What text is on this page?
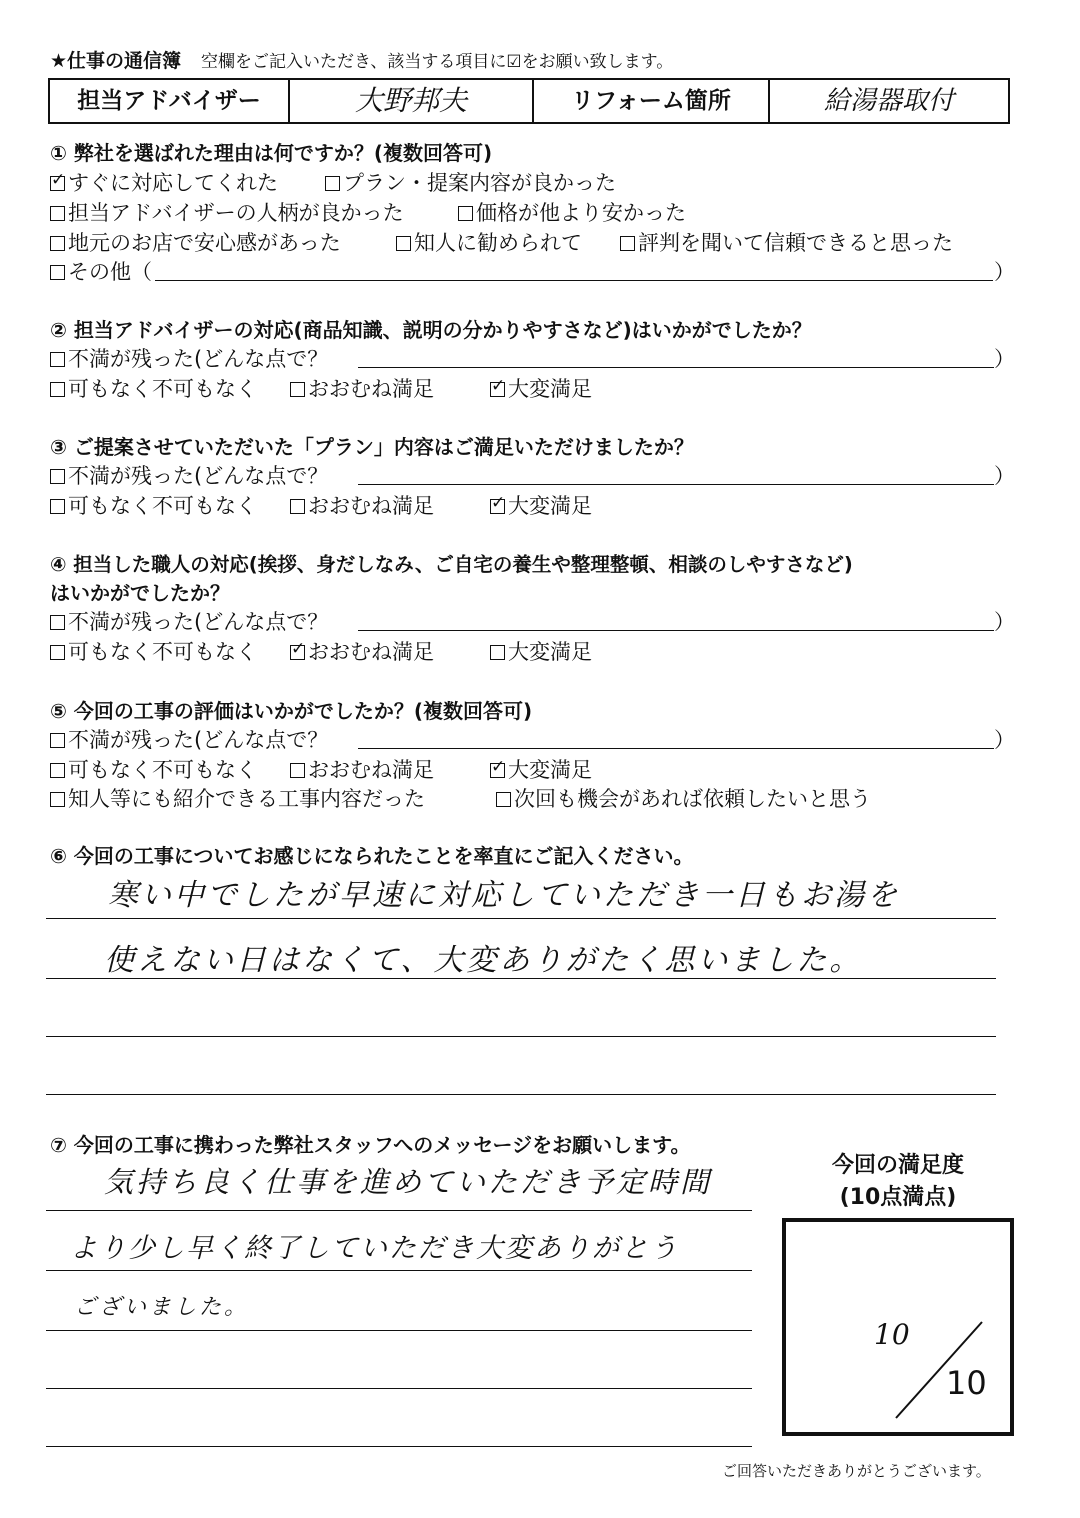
★仕事の通信簿 空欄をご記入いただき、該当する項目に☑をお願い致します。
担当アドバイザー	大野邦夫	リフォーム箇所	給湯器取付
① 弊社を選ばれた理由は何ですか？(複数回答可)
✓すぐに対応してくれた	プラン・提案内容が良かった
担当アドバイザーの人柄が良かった	価格が他より安かった
地元のお店で安心感があった	知人に勧められて	評判を聞いて信頼できると思った
その他（	）
② 担当アドバイザーの対応(商品知識、説明の分かりやすさなど)はいかがでしたか？
不満が残った(どんな点で？	）
可もなく不可もなく	おおむね満足 ✓	大変満足
③ ご提案させていただいた「プラン」内容はご満足いただけましたか？
不満が残った(どんな点で？	）
可もなく不可もなく	おおむね満足 ✓	大変満足
④ 担当した職人の対応(挨拶、身だしなみ、ご自宅の養生や整理整頓、相談のしやすさなど)
はいかがでしたか？
不満が残った(どんな点で？	）
可もなく不可もなく ✓	おおむね満足	大変満足
⑤ 今回の工事の評価はいかがでしたか？(複数回答可)
不満が残った(どんな点で？	）
可もなく不可もなく	おおむね満足 ✓	大変満足
知人等にも紹介できる工事内容だった	次回も機会があれば依頼したいと思う
⑥ 今回の工事についてお感じになられたことを率直にご記入ください。
寒い中でしたが早速に対応していただき一日もお湯を
使えない日はなくて、大変ありがたく思いました。
⑦ 今回の工事に携わった弊社スタッフへのメッセージをお願いします。
気持ち良く仕事を進めていただき予定時間
より少し早く終了していただき大変ありがとう
ございました。
今回の満足度
(10点満点)
10
10
ご回答いただきありがとうございます。
